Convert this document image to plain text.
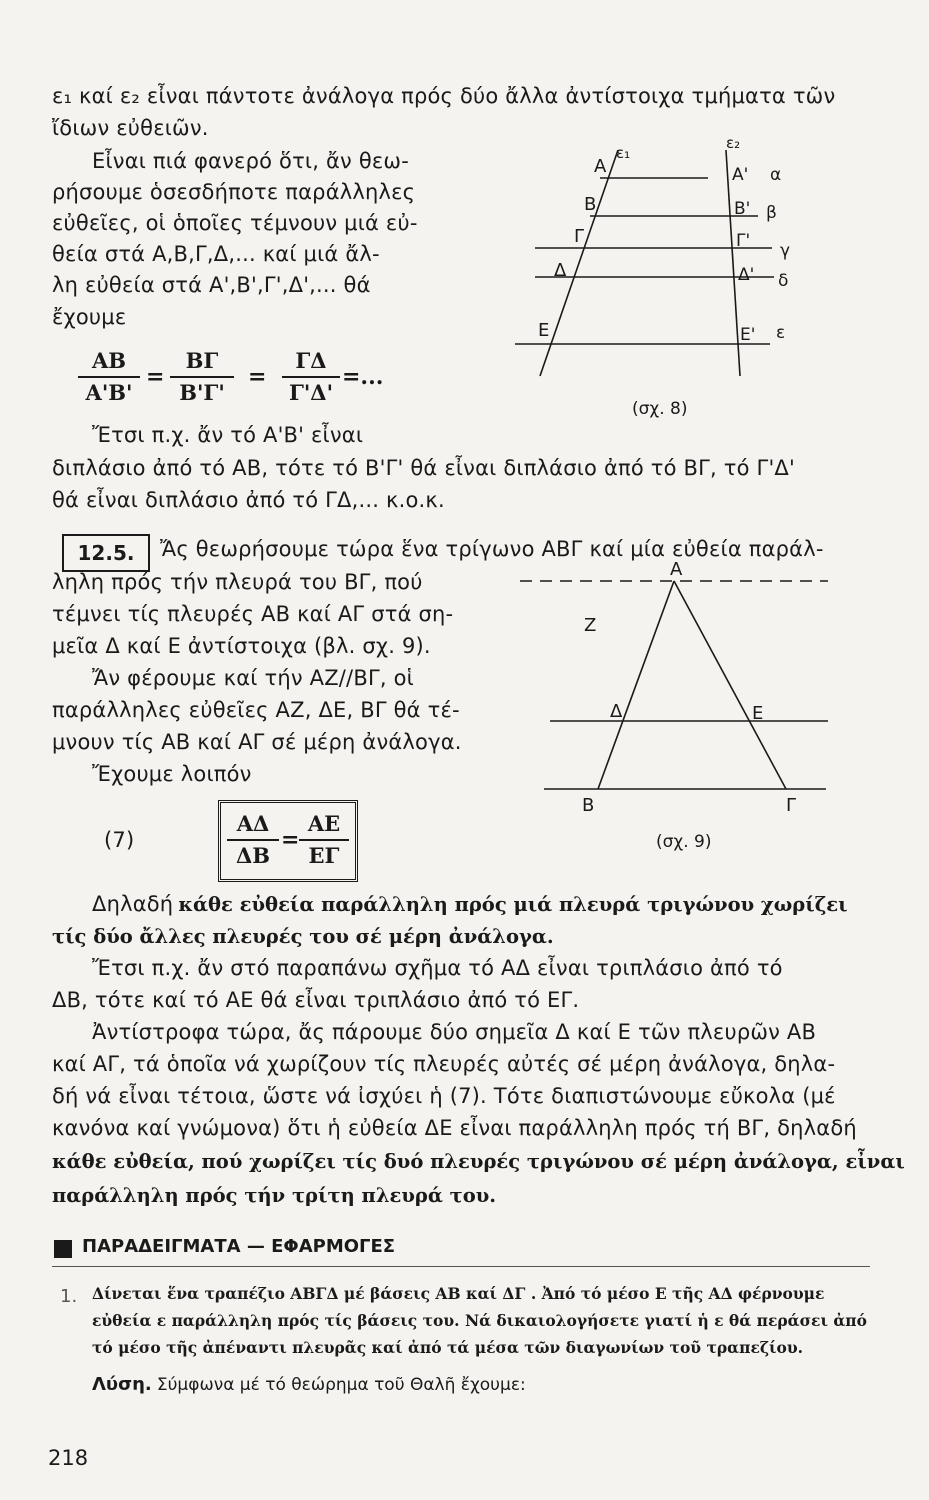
ε₁ καί ε₂ εἶναι πάντοτε ἀνάλογα πρός δύο ἄλλα ἀντίστοιχα τμήματα τῶν
ἴδιων εὐθειῶν.
Εἶναι πιά φανερό ὅτι, ἄν θεω-
ρήσουμε ὁσεσδήποτε παράλληλες
εὐθεῖες, οἱ ὁποῖες τέμνουν μιά εὐ-
θεία στά Α,Β,Γ,Δ,... καί μιά ἄλ-
λη εὐθεία στά Α',Β',Γ',Δ',... θά
ἔχουμε
ΑΒ
Α'Β'
=
ΒΓ
Β'Γ'
=
ΓΔ
Γ'Δ'
=...
Ἔτσι π.χ. ἄν τό Α'Β' εἶναι
διπλάσιο ἀπό τό ΑΒ, τότε τό Β'Γ' θά εἶναι διπλάσιο ἀπό τό ΒΓ, τό Γ'Δ'
θά εἶναι διπλάσιο ἀπό τό ΓΔ,... κ.ο.κ.
Α
Β
Γ
Δ
Ε
ε₁
ε₂
Α'
Β'
Γ'
Δ'
Ε'
α
β
γ
δ
ε
(σχ. 8)
12.5.	Ἄς θεωρήσουμε τώρα ἕνα τρίγωνο ΑΒΓ καί μία εὐθεία παράλ-
ληλη πρός τήν πλευρά του ΒΓ, πού
τέμνει τίς πλευρές ΑΒ καί ΑΓ στά ση-
μεῖα Δ καί Ε ἀντίστοιχα (βλ. σχ. 9).
Ἄν φέρουμε καί τήν ΑΖ//ΒΓ, οἱ
παράλληλες εὐθεῖες ΑΖ, ΔΕ, ΒΓ θά τέ-
μνουν τίς ΑΒ καί ΑΓ σέ μέρη ἀνάλογα.
Ἔχουμε λοιπόν
(7)
ΑΔ
ΔΒ
=
ΑΕ
ΕΓ
Α
Ζ
Δ	Ε
Β	Γ
(σχ. 9)
Δηλαδή κάθε εὐθεία παράλληλη πρός μιά πλευρά τριγώνου χωρίζει
τίς δύο ἄλλες πλευρές του σέ μέρη ἀνάλογα.
Ἔτσι π.χ. ἄν στό παραπάνω σχῆμα τό ΑΔ εἶναι τριπλάσιο ἀπό τό
ΔΒ, τότε καί τό ΑΕ θά εἶναι τριπλάσιο ἀπό τό ΕΓ.
Ἀντίστροφα τώρα, ἄς πάρουμε δύο σημεῖα Δ καί Ε τῶν πλευρῶν ΑΒ
καί ΑΓ, τά ὁποῖα νά χωρίζουν τίς πλευρές αὐτές σέ μέρη ἀνάλογα, δηλα-
δή νά εἶναι τέτοια, ὥστε νά ἰσχύει ἡ (7). Τότε διαπιστώνουμε εὔκολα (μέ
κανόνα καί γνώμονα) ὅτι ἡ εὐθεία ΔΕ εἶναι παράλληλη πρός τή ΒΓ, δηλαδή
κάθε εὐθεία, πού χωρίζει τίς δυό πλευρές τριγώνου σέ μέρη ἀνάλογα, εἶναι
παράλληλη πρός τήν τρίτη πλευρά του.
ΠΑΡΑΔΕΙΓΜΑΤΑ — ΕΦΑΡΜΟΓΕΣ
1. Δίνεται ἕνα τραπέζιο ΑΒΓΔ μέ βάσεις ΑΒ καί ΔΓ . Ἀπό τό μέσο Ε τῆς ΑΔ φέρνουμε
εὐθεία ε παράλληλη πρός τίς βάσεις του. Νά δικαιολογήσετε γιατί ἡ ε θά περάσει ἀπό
τό μέσο τῆς ἀπέναντι πλευρᾶς καί ἀπό τά μέσα τῶν διαγωνίων τοῦ τραπεζίου.
Λύση. Σύμφωνα μέ τό θεώρημα τοῦ Θαλῆ ἔχουμε:
218
